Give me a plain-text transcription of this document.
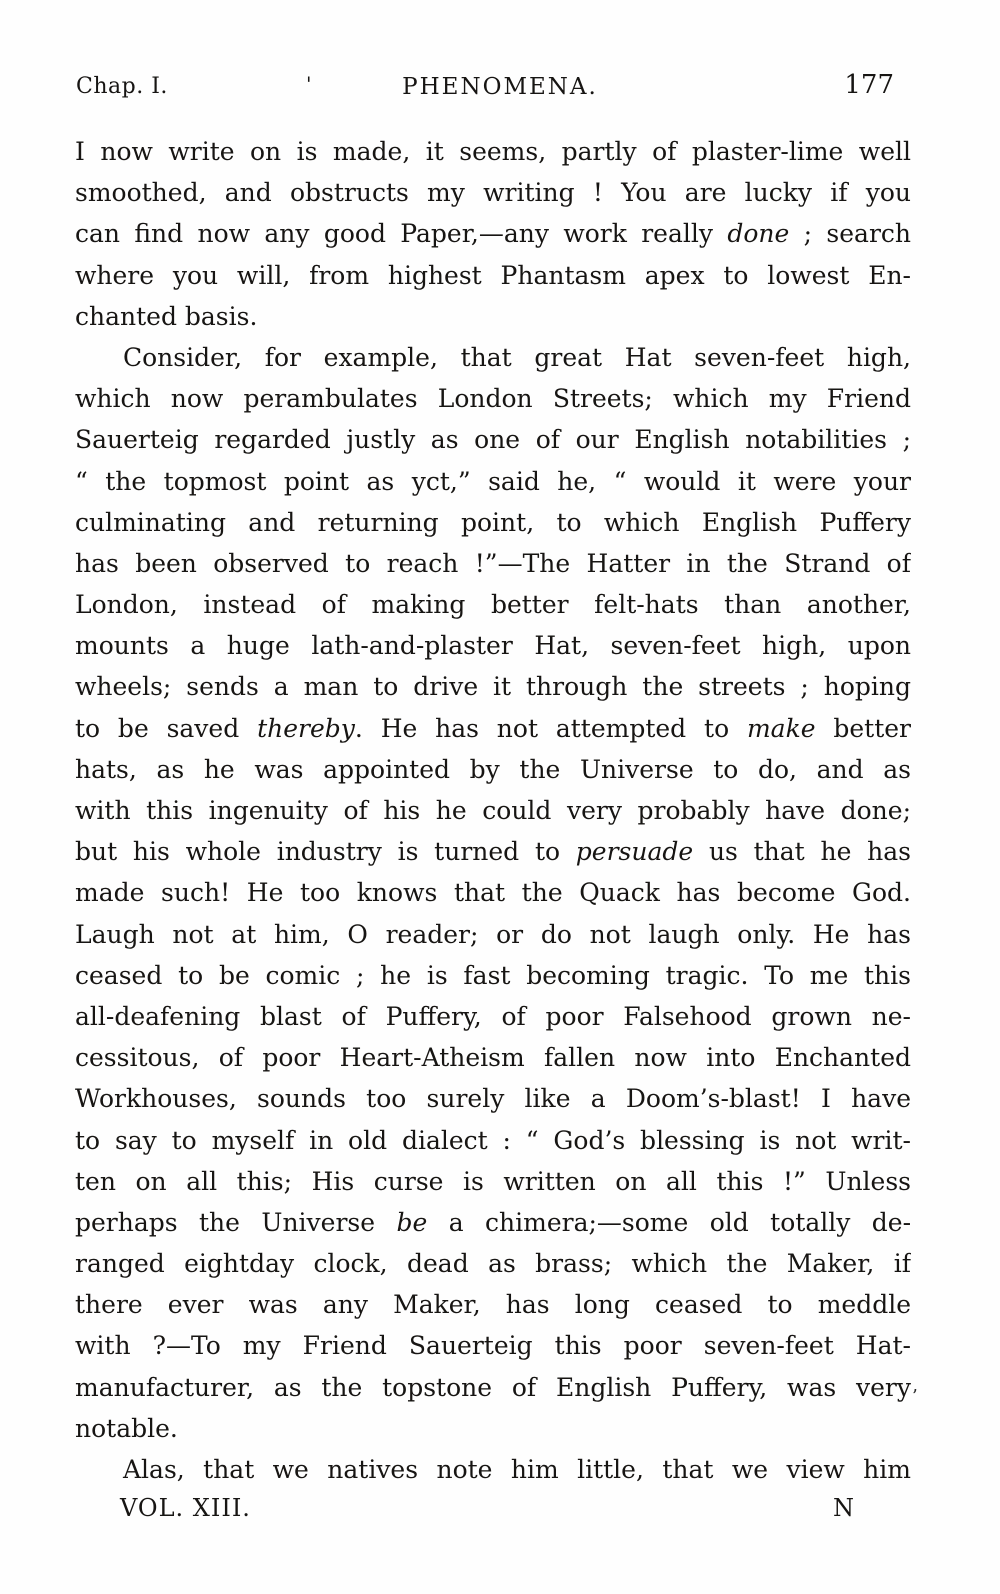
Chap. I.	'	PHENOMENA.	177
I now write on is made, it seems, partly of plaster-lime well
smoothed, and obstructs my writing ! You are lucky if you
can find now any good Paper,—any work really done ; search
where you will, from highest Phantasm apex to lowest En-
chanted basis.
Consider, for example, that great Hat seven-feet high,
which now perambulates London Streets; which my Friend
Sauerteig regarded justly as one of our English notabilities ;
“ the topmost point as yct,” said he, “ would it were your
culminating and returning point, to which English Puffery
has been observed to reach !”—The Hatter in the Strand of
London, instead of making better felt-hats than another,
mounts a huge lath-and-plaster Hat, seven-feet high, upon
wheels; sends a man to drive it through the streets ; hoping
to be saved thereby. He has not attempted to make better
hats, as he was appointed by the Universe to do, and as
with this ingenuity of his he could very probably have done;
but his whole industry is turned to persuade us that he has
made such! He too knows that the Quack has become God.
Laugh not at him, O reader; or do not laugh only. He has
ceased to be comic ; he is fast becoming tragic. To me this
all-deafening blast of Puffery, of poor Falsehood grown ne-
cessitous, of poor Heart-Atheism fallen now into Enchanted
Workhouses, sounds too surely like a Doom’s-blast! I have
to say to myself in old dialect : “ God’s blessing is not writ-
ten on all this; His curse is written on all this !” Unless
perhaps the Universe be a chimera;—some old totally de-
ranged eightday clock, dead as brass; which the Maker, if
there ever was any Maker, has long ceased to meddle
with ?—To my Friend Sauerteig this poor seven-feet Hat-
manufacturer, as the topstone of English Puffery, was very
notable.
Alas, that we natives note him little, that we view him
’
VOL. XIII.	N
